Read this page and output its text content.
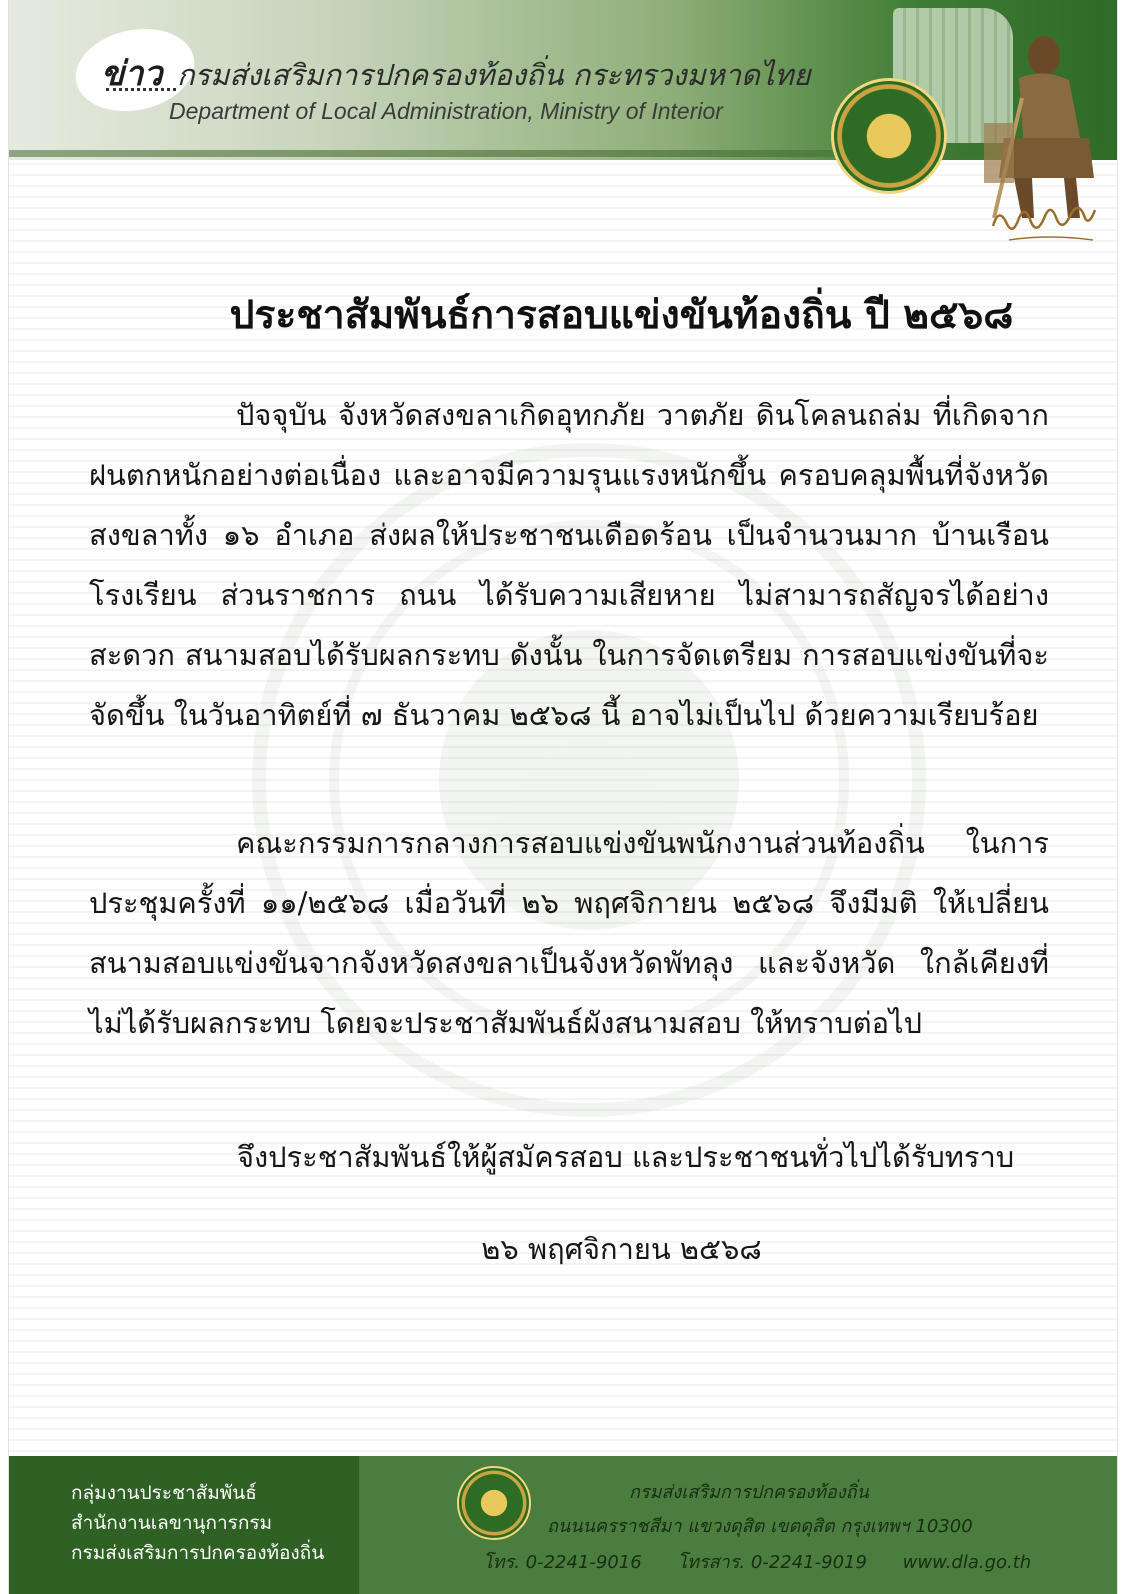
ข่าว กรมส่งเสริมการปกครองท้องถิ่น กระทรวงมหาดไทย
Department of Local Administration, Ministry of Interior
ประชาสัมพันธ์การสอบแข่งขันท้องถิ่น ปี ๒๕๖๘
ปัจจุบัน จังหวัดสงขลาเกิดอุทกภัย วาตภัย ดินโคลนถล่ม ที่เกิดจากฝนตกหนักอย่างต่อเนื่อง และอาจมีความรุนแรงหนักขึ้น ครอบคลุมพื้นที่จังหวัดสงขลาทั้ง ๑๖ อำเภอ ส่งผลให้ประชาชนเดือดร้อน เป็นจำนวนมาก บ้านเรือน โรงเรียน ส่วนราชการ ถนน ได้รับความเสียหาย ไม่สามารถสัญจรได้อย่างสะดวก สนามสอบได้รับผลกระทบ ดังนั้น ในการจัดเตรียม การสอบแข่งขันที่จะจัดขึ้น ในวันอาทิตย์ที่ ๗ ธันวาคม ๒๕๖๘ นี้ อาจไม่เป็นไป ด้วยความเรียบร้อย
คณะกรรมการกลางการสอบแข่งขันพนักงานส่วนท้องถิ่น ในการประชุมครั้งที่ ๑๑/๒๕๖๘ เมื่อวันที่ ๒๖ พฤศจิกายน ๒๕๖๘ จึงมีมติ ให้เปลี่ยนสนามสอบแข่งขันจากจังหวัดสงขลาเป็นจังหวัดพัทลุง และจังหวัด ใกล้เคียงที่ไม่ได้รับผลกระทบ โดยจะประชาสัมพันธ์ผังสนามสอบ ให้ทราบต่อไป
จึงประชาสัมพันธ์ให้ผู้สมัครสอบ และประชาชนทั่วไปได้รับทราบ
๒๖ พฤศจิกายน ๒๕๖๘
กลุ่มงานประชาสัมพันธ์
สำนักงานเลขานุการกรม
กรมส่งเสริมการปกครองท้องถิ่น
กรมส่งเสริมการปกครองท้องถิ่น
ถนนนครราชสีมา แขวงดุสิต เขตดุสิต กรุงเทพฯ 10300
โทร. 0-2241-9016 โทรสาร. 0-2241-9019 www.dla.go.th
